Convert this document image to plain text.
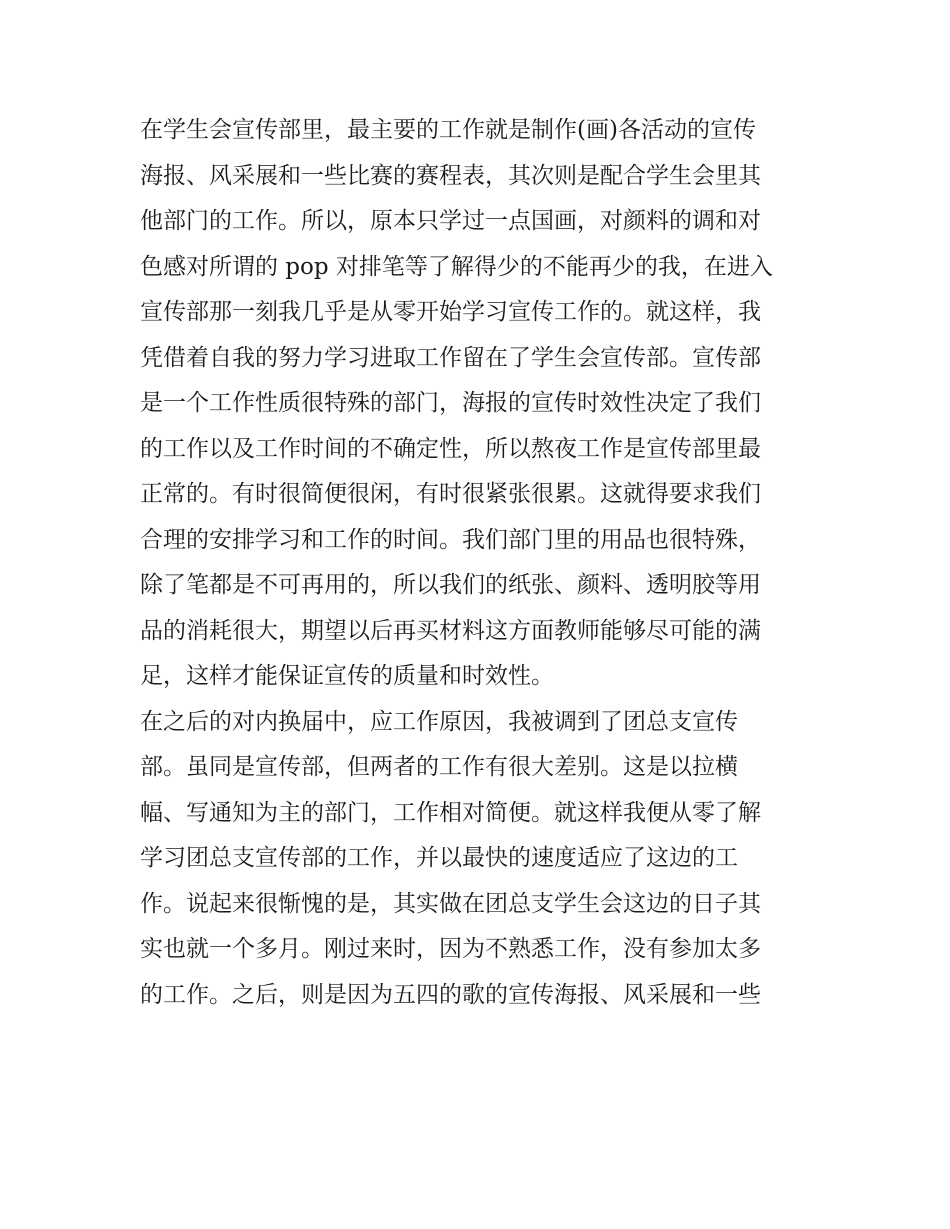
在学生会宣传部里，最主要的工作就是制作(画)各活动的宣传
海报、风采展和一些比赛的赛程表，其次则是配合学生会里其
他部门的工作。所以，原本只学过一点国画，对颜料的调和对
色感对所谓的 pop 对排笔等了解得少的不能再少的我，在进入
宣传部那一刻我几乎是从零开始学习宣传工作的。就这样，我
凭借着自我的努力学习进取工作留在了学生会宣传部。宣传部
是一个工作性质很特殊的部门，海报的宣传时效性决定了我们
的工作以及工作时间的不确定性，所以熬夜工作是宣传部里最
正常的。有时很简便很闲，有时很紧张很累。这就得要求我们
合理的安排学习和工作的时间。我们部门里的用品也很特殊，
除了笔都是不可再用的，所以我们的纸张、颜料、透明胶等用
品的消耗很大，期望以后再买材料这方面教师能够尽可能的满
足，这样才能保证宣传的质量和时效性。
在之后的对内换届中，应工作原因，我被调到了团总支宣传
部。虽同是宣传部，但两者的工作有很大差别。这是以拉横
幅、写通知为主的部门，工作相对简便。就这样我便从零了解
学习团总支宣传部的工作，并以最快的速度适应了这边的工
作。说起来很惭愧的是，其实做在团总支学生会这边的日子其
实也就一个多月。刚过来时，因为不熟悉工作，没有参加太多
的工作。之后，则是因为五四的歌的宣传海报、风采展和一些
